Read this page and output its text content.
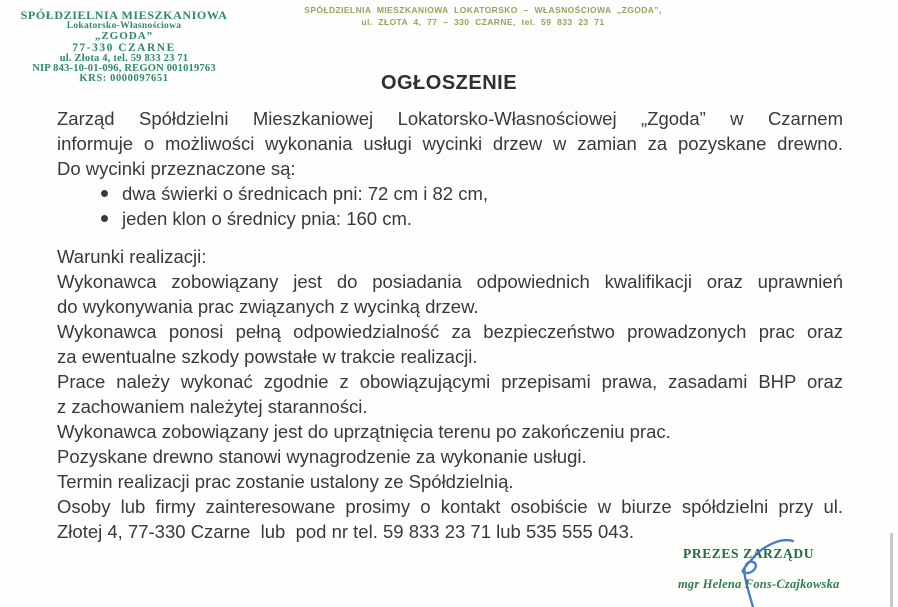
SPÓŁDZIELNIA MIESZKANIOWA
Lokatorsko-Własnościowa
„ZGODA”
77-330 CZARNE
ul. Złota 4, tel. 59 833 23 71
NIP 843-10-01-096, REGON 001019763
KRS: 0000097651
SPÓŁDZIELNIA MIESZKANIOWA LOKATORSKO – WŁASNOŚCIOWA „ZGODA”,
ul. ZŁOTA 4, 77 – 330 CZARNE, tel. 59 833 23 71
OGŁOSZENIE
Zarząd Spółdzielni Mieszkaniowej Lokatorsko-Własnościowej „Zgoda” w Czarnem
informuje o możliwości wykonania usługi wycinki drzew w zamian za pozyskane drewno.
Do wycinki przeznaczone są:
dwa świerki o średnicach pni: 72 cm i 82 cm,
jeden klon o średnicy pnia: 160 cm.
Warunki realizacji:
Wykonawca zobowiązany jest do posiadania odpowiednich kwalifikacji oraz uprawnień
do wykonywania prac związanych z wycinką drzew.
Wykonawca ponosi pełną odpowiedzialność za bezpieczeństwo prowadzonych prac oraz
za ewentualne szkody powstałe w trakcie realizacji.
Prace należy wykonać zgodnie z obowiązującymi przepisami prawa, zasadami BHP oraz
z zachowaniem należytej staranności.
Wykonawca zobowiązany jest do uprzątnięcia terenu po zakończeniu prac.
Pozyskane drewno stanowi wynagrodzenie za wykonanie usługi.
Termin realizacji prac zostanie ustalony ze Spółdzielnią.
Osoby lub firmy zainteresowane prosimy o kontakt osobiście w biurze spółdzielni przy ul.
Złotej 4, 77-330 Czarne  lub  pod nr tel. 59 833 23 71 lub 535 555 043.
PREZES ZARZĄDU
mgr Helena Fons-Czajkowska
